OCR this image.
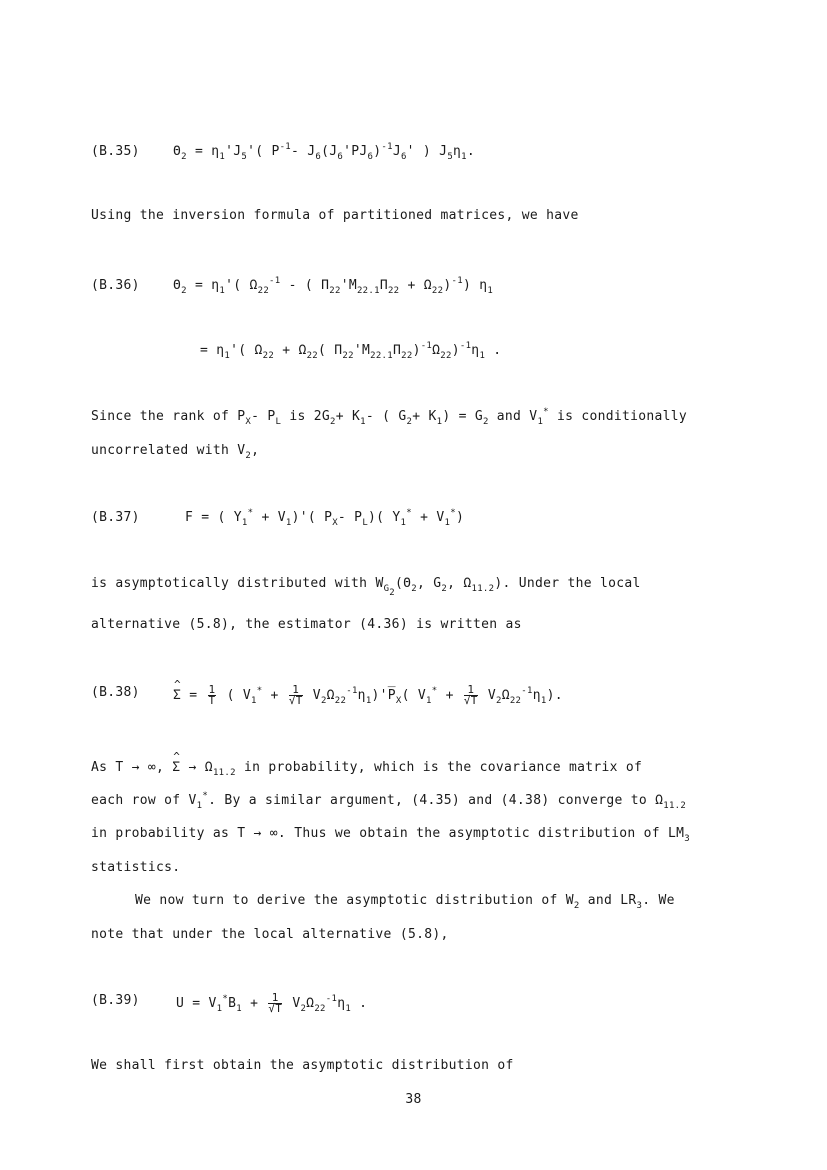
(B.35)	$\Theta_2 = \eta_1'J_5'$( $P^{-1}-$ $J_6(J_6'PJ_6)^{-1}J_6'$ ) $J_5\eta_1$.
Using the inversion formula of partitioned matrices, we have
(B.36)	$\Theta_2 = \eta_1'$( $\Omega_{22}^{-1}$ - ( $\Pi_{22}'M_{22.1}\Pi_{22} + \Omega_{22})^{-1}$) $\eta_1$
= $\eta_1'$( $\Omega_{22} + \Omega_{22}$( $\Pi_{22}'M_{22.1}\Pi_{22})^{-1}\Omega_{22})^{-1}\eta_1$ .
Since the rank of $P_X-$ $P_L$ is $2G_2+ K_1-$ ( $G_2+ K_1) = G_2$ and $V_1^*$ is conditionally
uncorrelated with $V_2$,
(B.37)	F = ( $Y_1^* + V_1)'$( $P_X-$ $P_L$)( $Y_1^* + V_1^*$)
is asymptotically distributed with $W_{G_2}(\Theta_2$, $G_2$, $\Omega_{11.2}$). Under the local
alternative (5.8), the estimator (4.36) is written as
(B.38)
^	$\Sigma = \frac{1}{T}$ ( $V_1^* + \frac{1}{√T}$ $V_2\Omega_{22}^{-1}\eta_1)'P̅_X$( $V_1^* + \frac{1}{√T} V_2\Omega_{22}^{-1}\eta_1$).
As T → ∞, ^ $\Sigma \to \Omega_{11.2}$ in probability, which is the covariance matrix of
each row of $V_1^*$. By a similar argument, (4.35) and (4.38) converge to $\Omega_{11.2}$
in probability as T → ∞. Thus we obtain the asymptotic distribution of $LM_3$
statistics.
We now turn to derive the asymptotic distribution of $W_2$ and $LR_3$. We
note that under the local alternative (5.8),
(B.39)	$U = V_1^*B_1 + \frac{1}{√T} V_2\Omega_{22}^{-1}\eta_1$ .
We shall first obtain the asymptotic distribution of
38
